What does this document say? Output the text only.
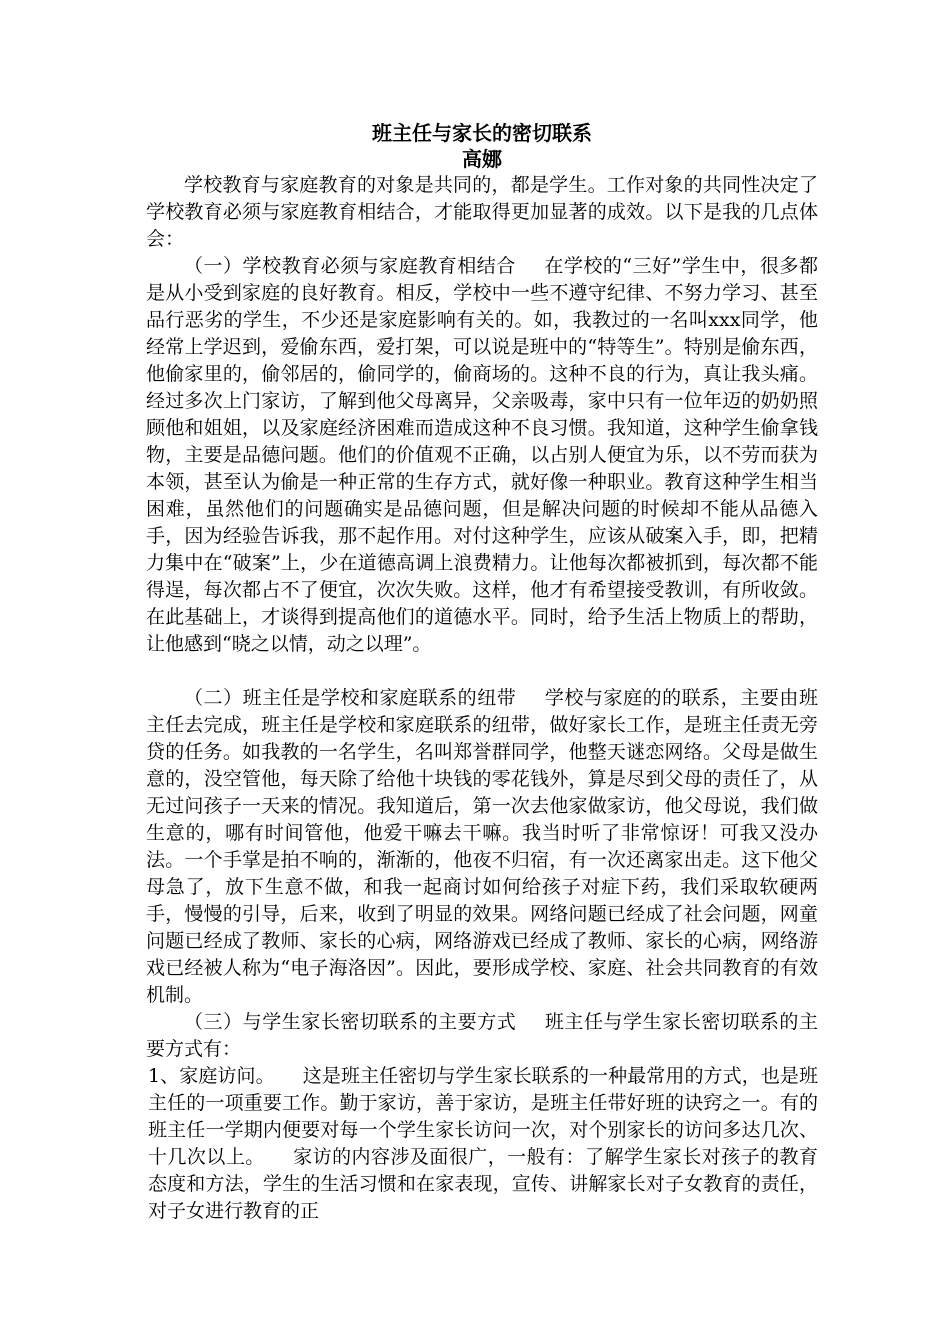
班主任与家长的密切联系

高娜

学校教育与家庭教育的对象是共同的，都是学生。工作对象的共同性决定了学校教育必须与家庭教育相结合，才能取得更加显著的成效。以下是我的几点体会：

（一）学校教育必须与家庭教育相结合 在学校的“三好”学生中，很多都是从小受到家庭的良好教育。相反，学校中一些不遵守纪律、不努力学习、甚至品行恶劣的学生，不少还是家庭影响有关的。如，我教过的一名叫xxx同学，他经常上学迟到，爱偷东西，爱打架，可以说是班中的“特等生”。特别是偷东西，他偷家里的，偷邻居的，偷同学的，偷商场的。这种不良的行为，真让我头痛。经过多次上门家访，了解到他父母离异，父亲吸毒，家中只有一位年迈的奶奶照顾他和姐姐，以及家庭经济困难而造成这种不良习惯。我知道，这种学生偷拿钱物，主要是品德问题。他们的价值观不正确，以占别人便宜为乐，以不劳而获为本领，甚至认为偷是一种正常的生存方式，就好像一种职业。教育这种学生相当困难，虽然他们的问题确实是品德问题，但是解决问题的时候却不能从品德入手，因为经验告诉我，那不起作用。对付这种学生，应该从破案入手，即，把精力集中在“破案”上，少在道德高调上浪费精力。让他每次都被抓到，每次都不能得逞，每次都占不了便宜，次次失败。这样，他才有希望接受教训，有所收敛。在此基础上，才谈得到提高他们的道德水平。同时，给予生活上物质上的帮助，让他感到“晓之以情，动之以理”。

（二）班主任是学校和家庭联系的纽带 学校与家庭的的联系，主要由班主任去完成，班主任是学校和家庭联系的纽带，做好家长工作，是班主任责无旁贷的任务。如我教的一名学生，名叫郑誉群同学，他整天谜恋网络。父母是做生意的，没空管他，每天除了给他十块钱的零花钱外，算是尽到父母的责任了，从无过问孩子一天来的情况。我知道后，第一次去他家做家访，他父母说，我们做生意的，哪有时间管他，他爱干嘛去干嘛。我当时听了非常惊讶！可我又没办法。一个手掌是拍不响的，渐渐的，他夜不归宿，有一次还离家出走。这下他父母急了，放下生意不做，和我一起商讨如何给孩子对症下药，我们采取软硬两手，慢慢的引导，后来，收到了明显的效果。网络问题已经成了社会问题，网童问题已经成了教师、家长的心病，网络游戏已经成了教师、家长的心病，网络游戏已经被人称为“电子海洛因”。因此，要形成学校、家庭、社会共同教育的有效机制。

（三）与学生家长密切联系的主要方式 班主任与学生家长密切联系的主要方式有：

1、家庭访问。 这是班主任密切与学生家长联系的一种最常用的方式，也是班主任的一项重要工作。勤于家访，善于家访，是班主任带好班的诀窍之一。有的班主任一学期内便要对每一个学生家长访问一次，对个别家长的访问多达几次、十几次以上。 家访的内容涉及面很广，一般有：了解学生家长对孩子的教育态度和方法，学生的生活习惯和在家表现，宣传、讲解家长对子女教育的责任，对子女进行教育的正
